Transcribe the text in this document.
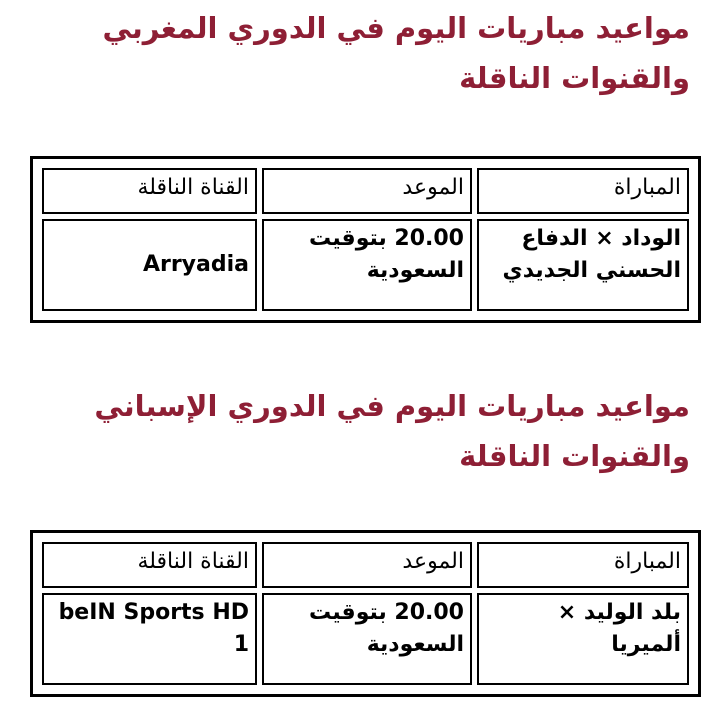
مواعيد مباريات اليوم في الدوري المغربي والقنوات الناقلة
المباراة	الموعد	القناة الناقلة
الوداد × الدفاع الحسني الجديدي	20.00 بتوقيت السعودية	Arryadia
مواعيد مباريات اليوم في الدوري الإسباني والقنوات الناقلة
المباراة	الموعد	القناة الناقلة
بلد الوليد × ألميريا	20.00 بتوقيت السعودية	beIN Sports HD 1
